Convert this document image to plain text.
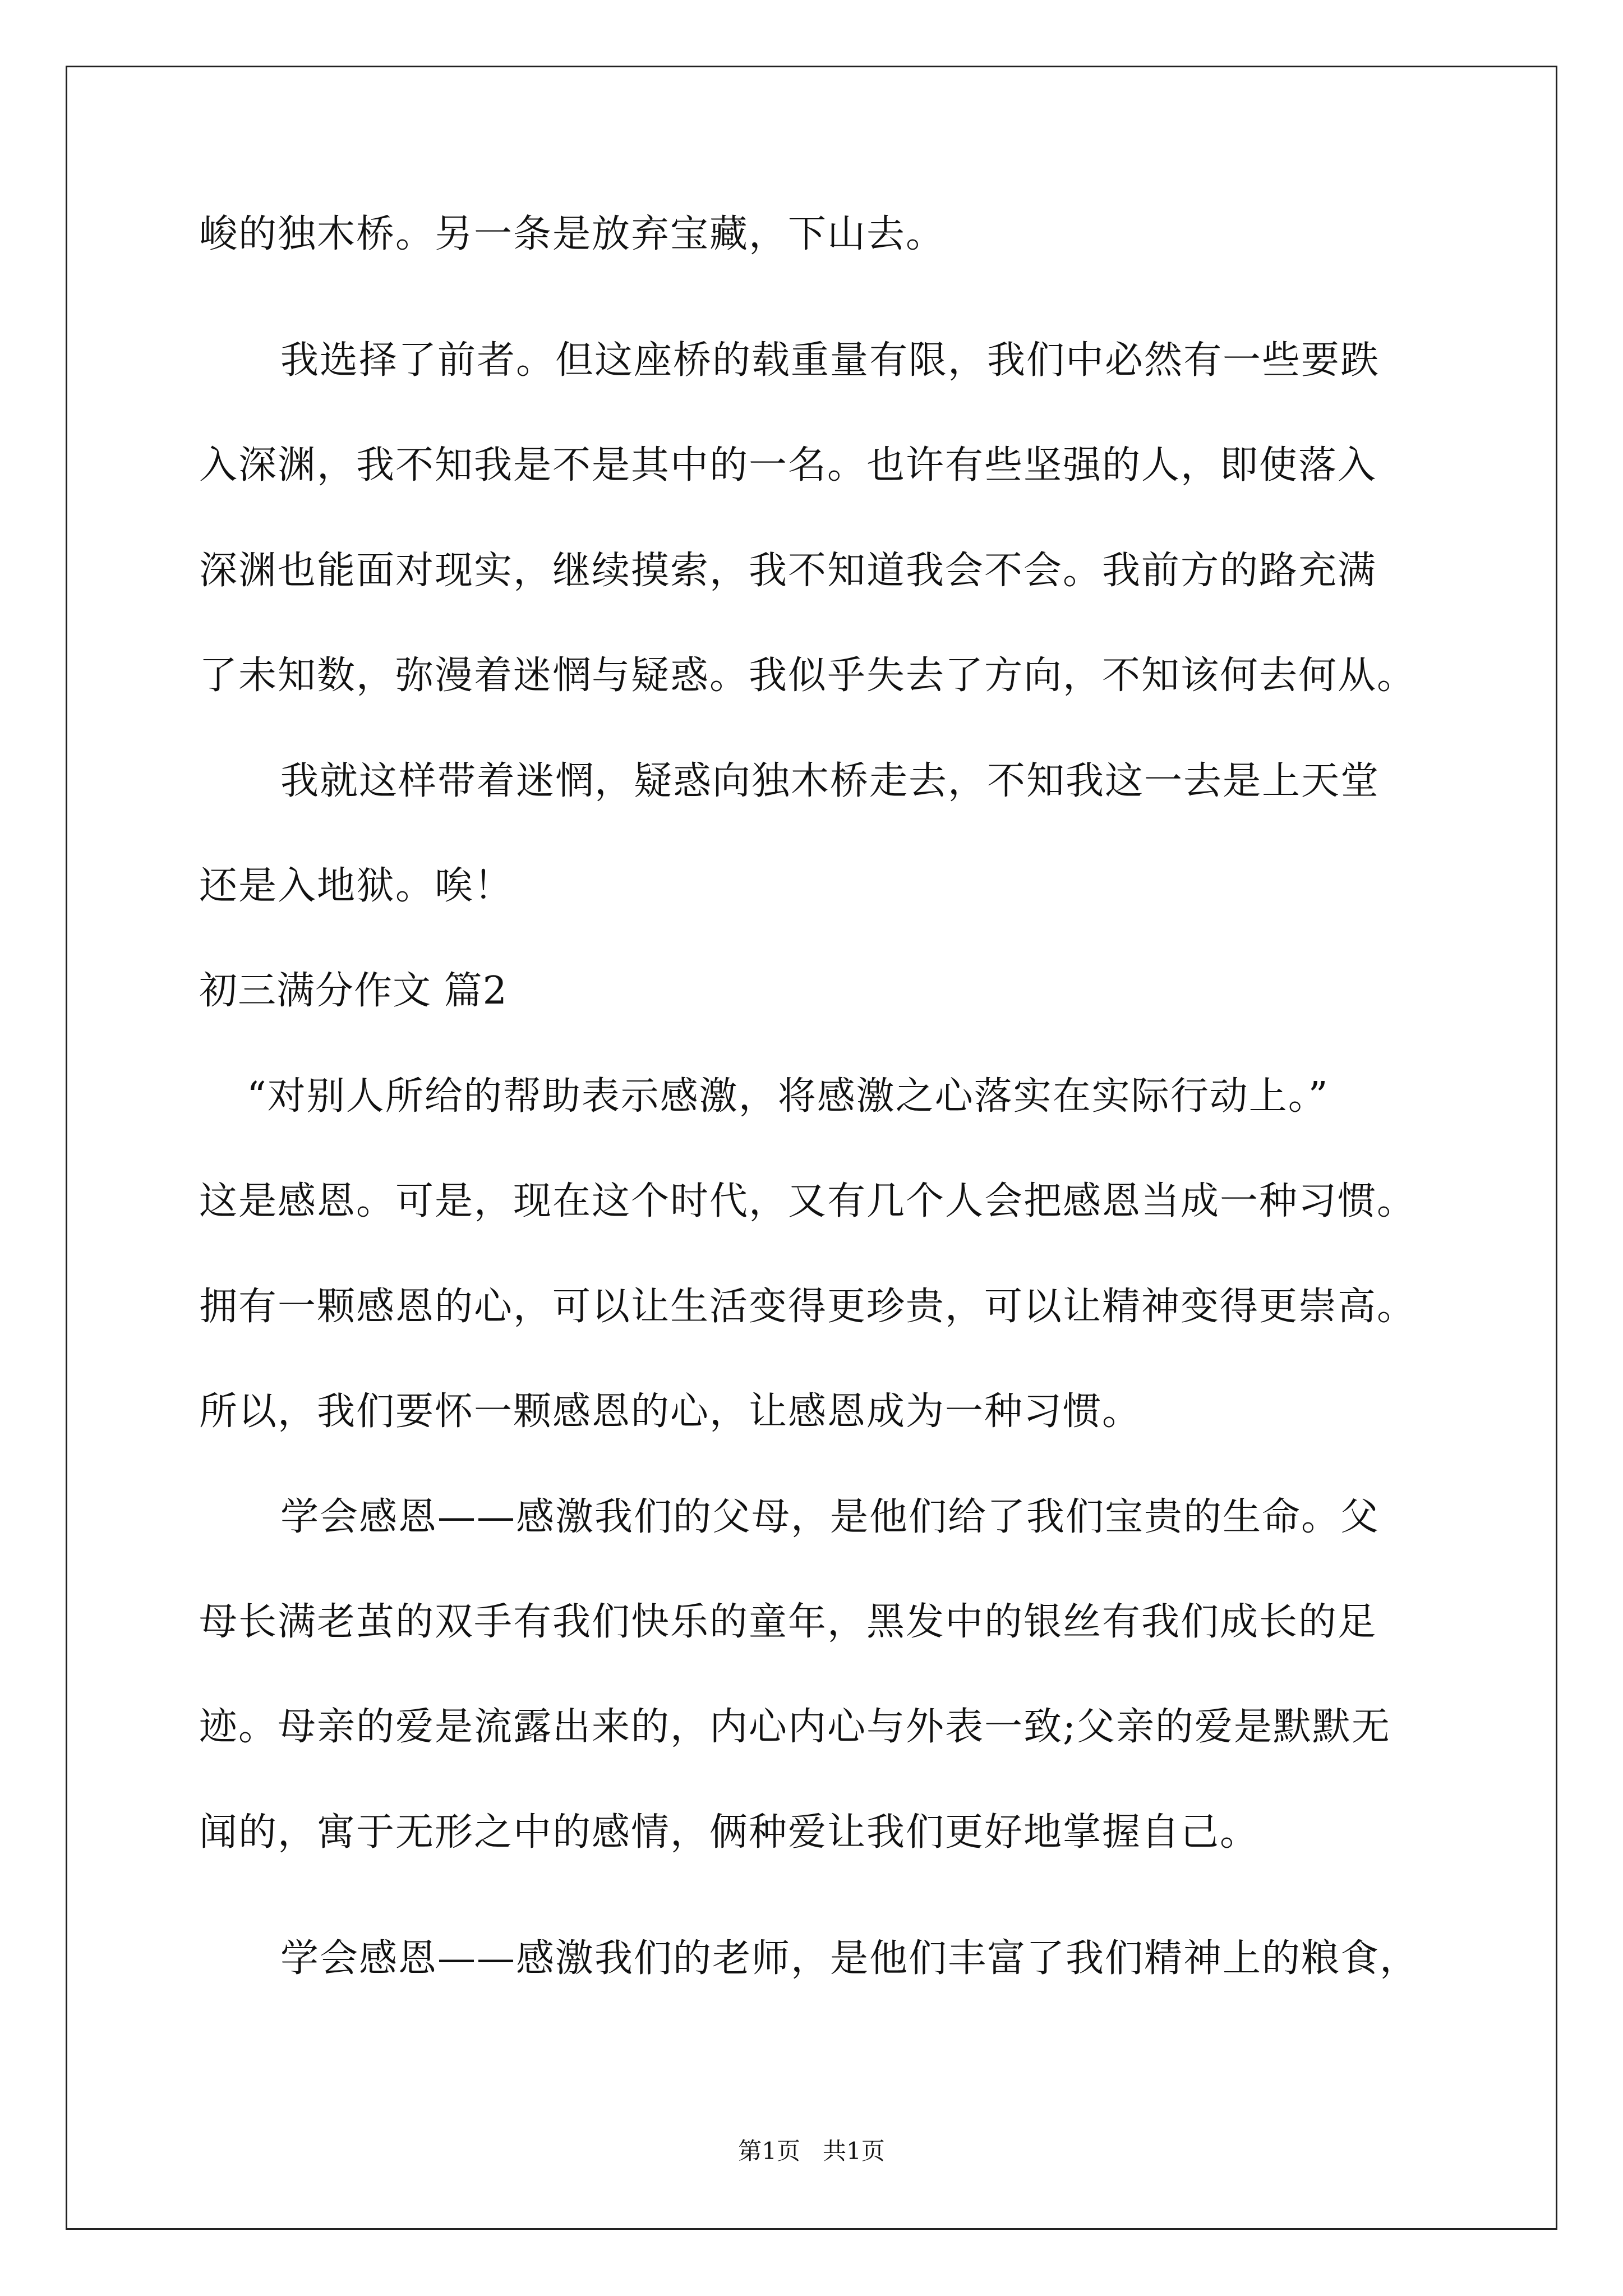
峻的独木桥。另一条是放弃宝藏，下山去。
我选择了前者。但这座桥的载重量有限，我们中必然有一些要跌
入深渊，我不知我是不是其中的一名。也许有些坚强的人，即使落入
深渊也能面对现实，继续摸索，我不知道我会不会。我前方的路充满
了未知数，弥漫着迷惘与疑惑。我似乎失去了方向，不知该何去何从。
我就这样带着迷惘，疑惑向独木桥走去，不知我这一去是上天堂
还是入地狱。唉！
初三满分作文 篇2
“对别人所给的帮助表示感激，将感激之心落实在实际行动上。”
这是感恩。可是，现在这个时代，又有几个人会把感恩当成一种习惯。
拥有一颗感恩的心，可以让生活变得更珍贵，可以让精神变得更崇高。
所以，我们要怀一颗感恩的心，让感恩成为一种习惯。
学会感恩——感激我们的父母，是他们给了我们宝贵的生命。父
母长满老茧的双手有我们快乐的童年，黑发中的银丝有我们成长的足
迹。母亲的爱是流露出来的，内心内心与外表一致;父亲的爱是默默无
闻的，寓于无形之中的感情，俩种爱让我们更好地掌握自己。
学会感恩——感激我们的老师，是他们丰富了我们精神上的粮食，
第1页 共1页
